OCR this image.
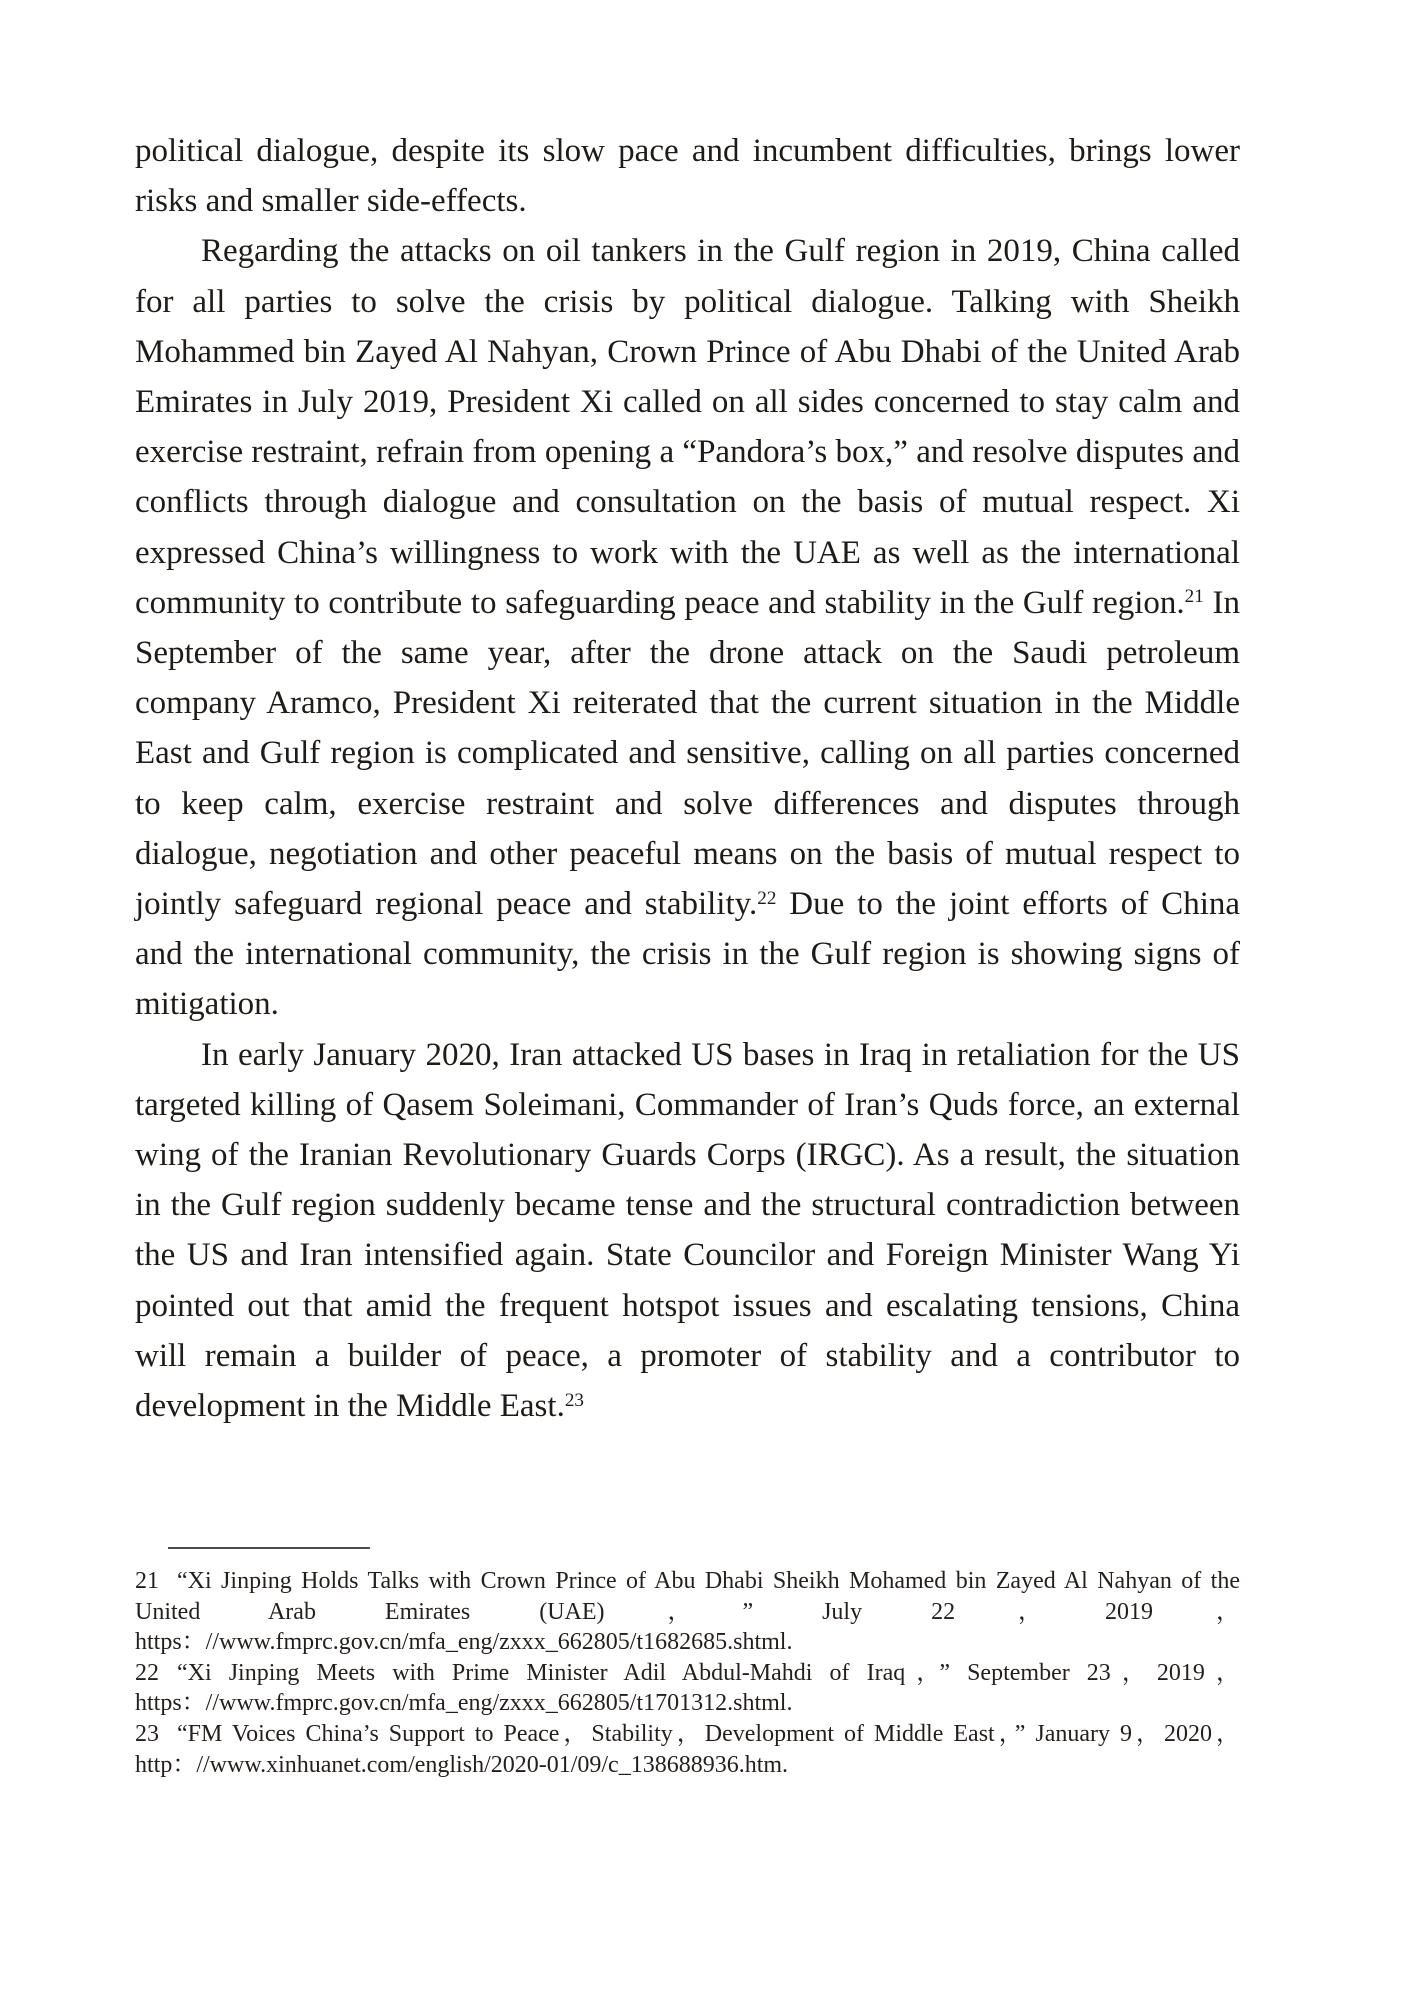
political dialogue, despite its slow pace and incumbent difficulties, brings lower risks and smaller side-effects.

Regarding the attacks on oil tankers in the Gulf region in 2019, China called for all parties to solve the crisis by political dialogue. Talking with Sheikh Mohammed bin Zayed Al Nahyan, Crown Prince of Abu Dhabi of the United Arab Emirates in July 2019, President Xi called on all sides concerned to stay calm and exercise restraint, refrain from opening a “Pandora’s box,” and resolve disputes and conflicts through dialogue and consultation on the basis of mutual respect. Xi expressed China’s willingness to work with the UAE as well as the international community to contribute to safeguarding peace and stability in the Gulf region.$^{21}$ In September of the same year, after the drone attack on the Saudi petroleum company Aramco, President Xi reiterated that the current situation in the Middle East and Gulf region is complicated and sensitive, calling on all parties concerned to keep calm, exercise restraint and solve differences and disputes through dialogue, negotiation and other peaceful means on the basis of mutual respect to jointly safeguard regional peace and stability.$^{22}$ Due to the joint efforts of China and the international community, the crisis in the Gulf region is showing signs of mitigation.

In early January 2020, Iran attacked US bases in Iraq in retaliation for the US targeted killing of Qasem Soleimani, Commander of Iran’s Quds force, an external wing of the Iranian Revolutionary Guards Corps (IRGC). As a result, the situation in the Gulf region suddenly became tense and the structural contradiction between the US and Iran intensified again. State Councilor and Foreign Minister Wang Yi pointed out that amid the frequent hotspot issues and escalating tensions, China will remain a builder of peace, a promoter of stability and a contributor to development in the Middle East.$^{23}$

21 “Xi Jinping Holds Talks with Crown Prince of Abu Dhabi Sheikh Mohamed bin Zayed Al Nahyan of the United Arab Emirates (UAE)，” July 22，2019，https：//www.fmprc.gov.cn/mfa_eng/zxxx_662805/t1682685.shtml.

22 “Xi Jinping Meets with Prime Minister Adil Abdul-Mahdi of Iraq，” September 23，2019，https：//www.fmprc.gov.cn/mfa_eng/zxxx_662805/t1701312.shtml.

23 “FM Voices China’s Support to Peace，Stability，Development of Middle East，” January 9，2020，http：//www.xinhuanet.com/english/2020-01/09/c_138688936.htm.
